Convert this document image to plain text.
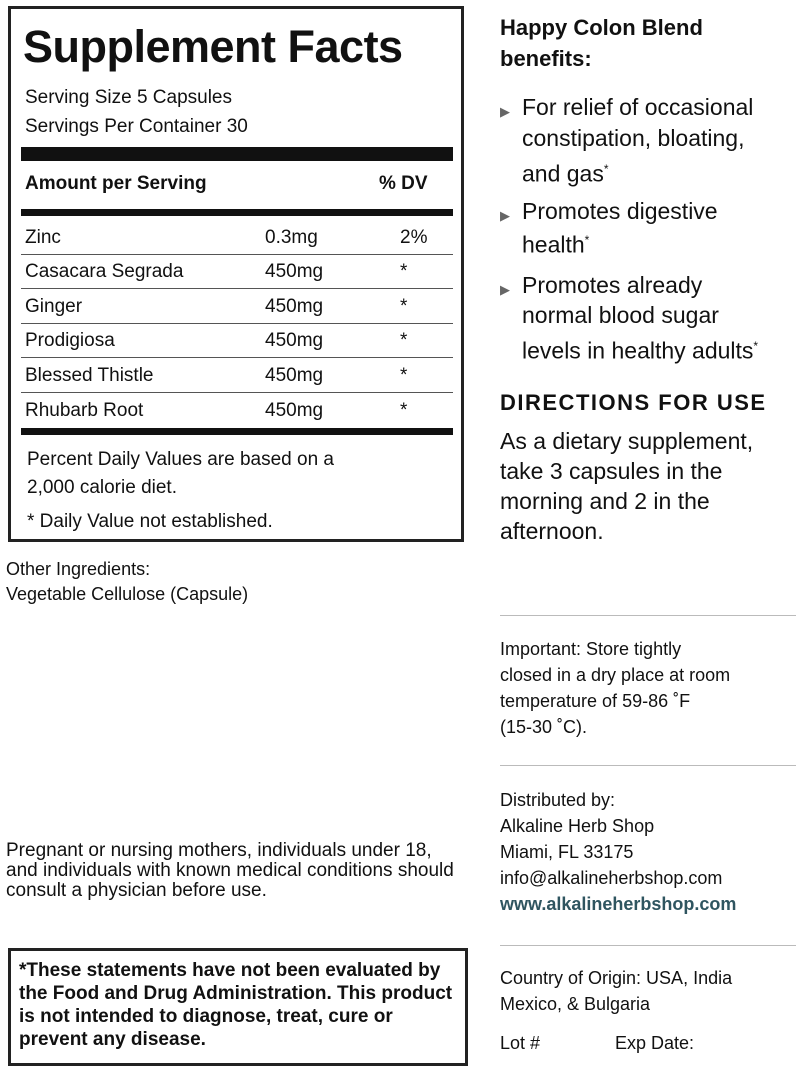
Supplement Facts
Serving Size 5 Capsules
Servings Per Container 30
Amount per Serving	% DV
Zinc	0.3mg	2%
Casacara Segrada	450mg	*
Ginger	450mg	*
Prodigiosa	450mg	*
Blessed Thistle	450mg	*
Rhubarb Root	450mg	*
Percent Daily Values are based on a
2,000 calorie diet.
* Daily Value not established.
Other Ingredients:
Vegetable Cellulose (Capsule)
Pregnant or nursing mothers, individuals under 18, and individuals with known medical conditions should consult a physician before use.
*These statements have not been evaluated by the Food and Drug Administration. This product is not intended to diagnose, treat, cure or prevent any disease.
Happy Colon Blend
benefits:
▶ For relief of occasional
constipation, bloating,
and gas*
▶ Promotes digestive
health*
▶ Promotes already
normal blood sugar
levels in healthy adults*
DIRECTIONS FOR USE
As a dietary supplement,
take 3 capsules in the
morning and 2 in the
afternoon.
Important: Store tightly
closed in a dry place at room
temperature of 59-86 ˚F
(15-30 ˚C).
Distributed by:
Alkaline Herb Shop
Miami, FL 33175
info@alkalineherbshop.com
www.alkalineherbshop.com
Country of Origin: USA, India
Mexico, & Bulgaria
Lot #	Exp Date:
